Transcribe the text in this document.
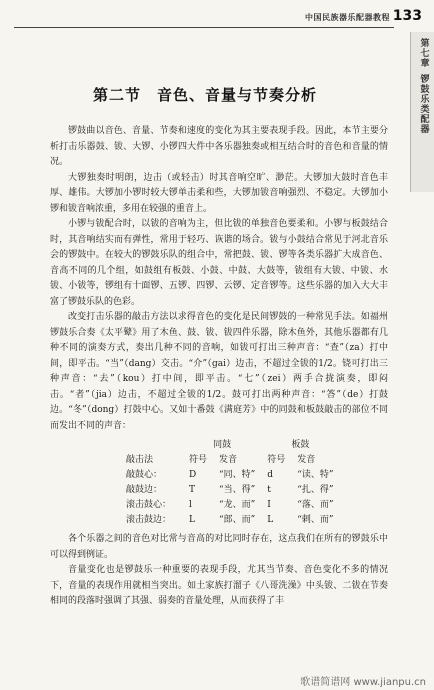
中国民族器乐配器教程 133
第七章
锣鼓乐类配器
第二节　音色、音量与节奏分析

锣鼓曲以音色、音量、节奏和速度的变化为其主要表现手段。因此，本节主要分析打击乐器鼓、钹、大锣、小锣四大件中各乐器独奏或相互结合时的音色和音量的情况。

大锣独奏时明朗，边击（或轻击）时其音响空旷、渺茫。大锣加大鼓时音色丰厚、雄伟。大锣加小锣时较大锣单击柔和些，大锣加钹音响强烈、不稳定。大锣加小锣和钹音响浓重，多用在较强的重音上。

小锣与钹配合时，以钹的音响为主，但比钹的单独音色要柔和。小锣与板鼓结合时，其音响结实而有弹性，常用于轻巧、诙谐的场合。钹与小鼓结合常见于河北音乐会的锣鼓中。在较大的锣鼓乐队的组合中，常把鼓、钹、锣等各类乐器扩大成音色、音高不同的几个组，如鼓组有板鼓、小鼓、中鼓、大鼓等，钹组有大钹、中钹、水钹、小钹等，锣组有十面锣、五锣、四锣、云锣、定音锣等。这些乐器的加入大大丰富了锣鼓乐队的色彩。

改变打击乐器的敲击方法以求得音色的变化是民间锣鼓的一种常见手法。如福州锣鼓乐合奏《太平鼙》用了木鱼、鼓、钹、钹四件乐器，除木鱼外，其他乐器都有几种不同的演奏方式，奏出几种不同的音响，如钹可打出三种声音：“查”（za）打中间，即平击。“当”（dang）交击。“介”（gai）边击，不超过全钹的1/2。铙可打出三种声音：“去”（kou）打中间，即平击。“七”（zei）两手合拢演奏，即闷击。“者”（jia）边击，不超过全钹的1/2。鼓可打出两种声音：“答”（de）打鼓边。“冬”（dong）打鼓中心。又如十番鼓《满庭芳》中的同鼓和板鼓敲击的部位不同而发出不同的声音：

	同鼓		板鼓	
敲击法	符号	发音	符号	发音
敲鼓心：	D	“同、特”	d	“读、特”
敲鼓边：	T	“当、得”	t	“扎、得”
滚击鼓心：	l	“龙、而”	I	“落、而”
滚击鼓边：	L	“郎、而”	L	“剌、而”

各个乐器之间的音色对比常与音高的对比同时存在，这点我们在所有的锣鼓乐中可以得到例证。

音量变化也是锣鼓乐一种重要的表现手段，尤其当节奏、音色变化不多的情况下，音量的表现作用就相当突出。如土家族打溜子《八哥洗澡》中头钹、二钹在节奏相同的段落时强调了其强、弱奏的音量处理，从而获得了丰

歌谱简谱网 www.jianpu.cn
